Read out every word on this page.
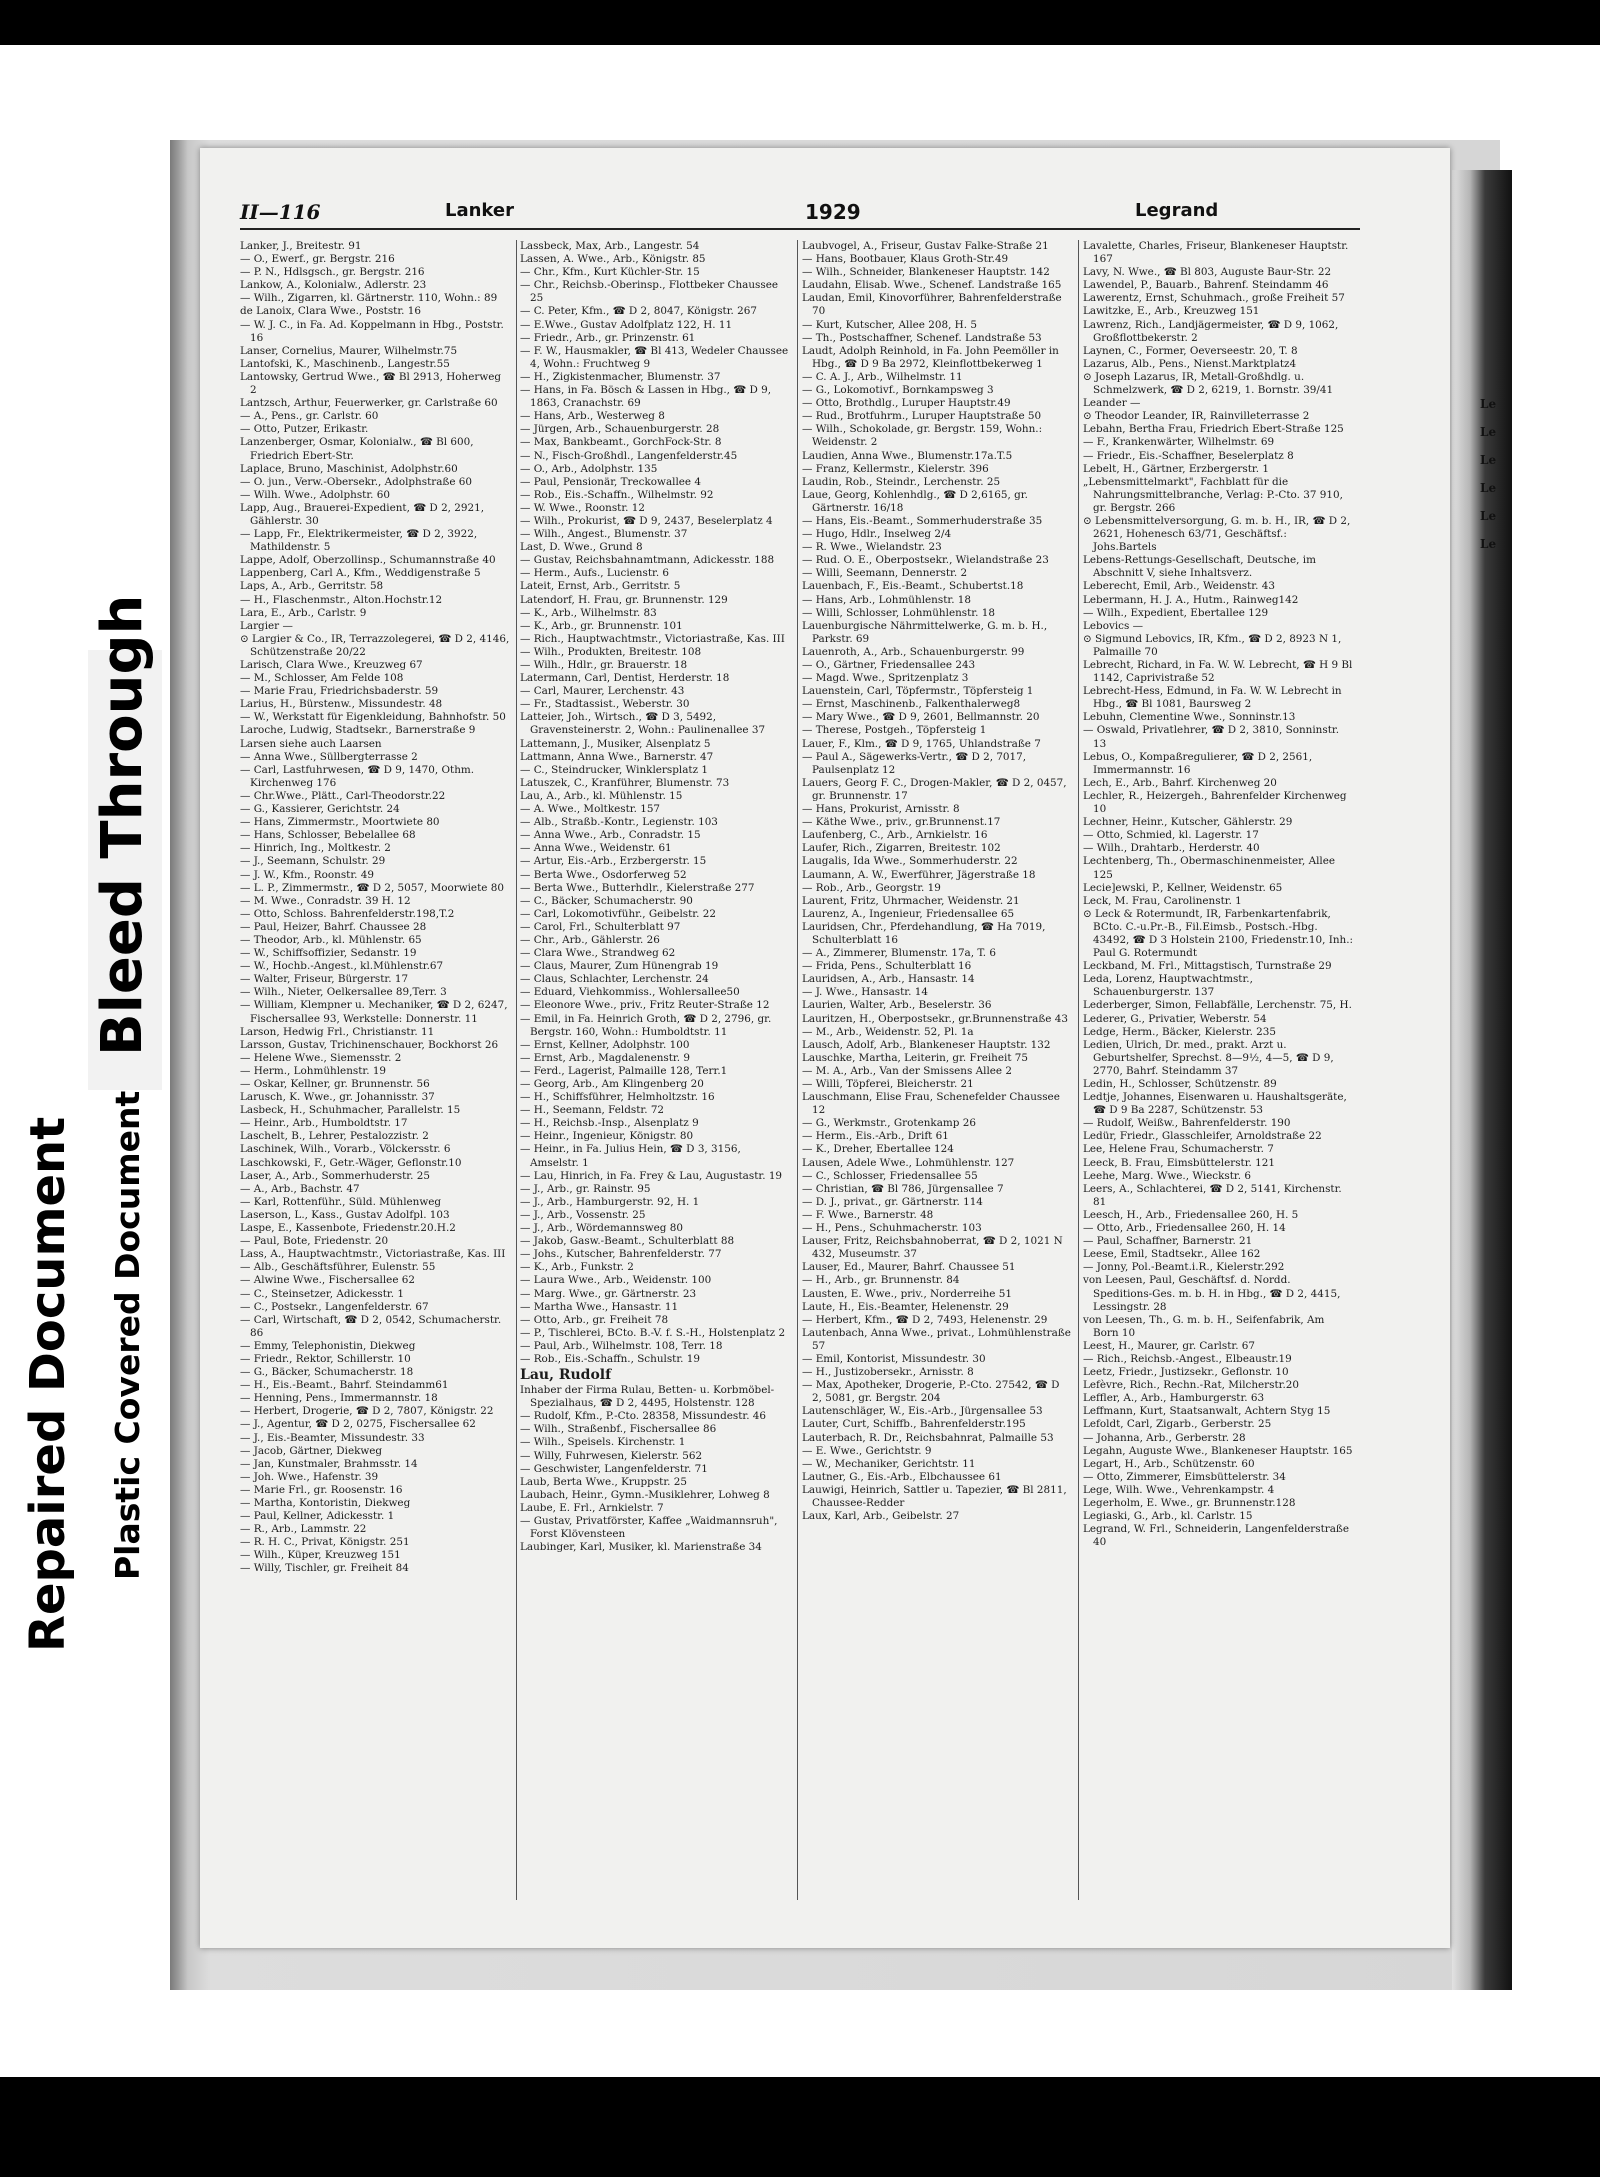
Bleed Through
Repaired Document Plastic Covered Document
Le
Le
Le
Le
Le
Le
II—116	Lanker	1929	Legrand

Lanker, J., Breitestr. 91

— O., Ewerf., gr. Bergstr. 216

— P. N., Hdlsgsch., gr. Bergstr. 216

Lankow, A., Kolonialw., Adlerstr. 23

— Wilh., Zigarren, kl. Gärtnerstr. 110, Wohn.: 89

de Lanoix, Clara Wwe., Poststr. 16

— W. J. C., in Fa. Ad. Koppelmann in Hbg., Poststr. 16

Lanser, Cornelius, Maurer, Wilhelmstr.75

Lantofski, K., Maschinenb., Langestr.55

Lantowsky, Gertrud Wwe., ☎ Bl 2913, Hoherweg 2

Lantzsch, Arthur, Feuerwerker, gr. Carlstraße 60

— A., Pens., gr. Carlstr. 60

— Otto, Putzer, Erikastr.

Lanzenberger, Osmar, Kolonialw., ☎ Bl 600, Friedrich Ebert-Str.

Laplace, Bruno, Maschinist, Adolphstr.60

— O. jun., Verw.-Obersekr., Adolphstraße 60

— Wilh. Wwe., Adolphstr. 60

Lapp, Aug., Brauerei-Expedient, ☎ D 2, 2921, Gählerstr. 30

— Lapp, Fr., Elektrikermeister, ☎ D 2, 3922, Mathildenstr. 5

Lappe, Adolf, Oberzollinsp., Schumannstraße 40

Lappenberg, Carl A., Kfm., Weddigenstraße 5

Laps, A., Arb., Gerritstr. 58

— H., Flaschenmstr., Alton.Hochstr.12

Lara, E., Arb., Carlstr. 9

Largier —

⊙ Largier & Co., IR, Terrazzolegerei, ☎ D 2, 4146, Schützenstraße 20/22

Larisch, Clara Wwe., Kreuzweg 67

— M., Schlosser, Am Felde 108

— Marie Frau, Friedrichsbaderstr. 59

Larius, H., Bürstenw., Missundestr. 48

— W., Werkstatt für Eigenkleidung, Bahnhofstr. 50

Laroche, Ludwig, Stadtsekr., Barnerstraße 9

Larsen siehe auch Laarsen

— Anna Wwe., Süllbergterrasse 2

— Carl, Lastfuhrwesen, ☎ D 9, 1470, Othm. Kirchenweg 176

— Chr.Wwe., Plätt., Carl-Theodorstr.22

— G., Kassierer, Gerichtstr. 24

— Hans, Zimmermstr., Moortwiete 80

— Hans, Schlosser, Bebelallee 68

— Hinrich, Ing., Moltkestr. 2

— J., Seemann, Schulstr. 29

— J. W., Kfm., Roonstr. 49

— L. P., Zimmermstr., ☎ D 2, 5057, Moorwiete 80

— M. Wwe., Conradstr. 39 H. 12

— Otto, Schloss. Bahrenfelderstr.198,T.2

— Paul, Heizer, Bahrf. Chaussee 28

— Theodor, Arb., kl. Mühlenstr. 65

— W., Schiffsoffizier, Sedanstr. 19

— W., Hochb.-Angest., kl.Mühlenstr.67

— Walter, Friseur, Bürgerstr. 17

— Wilh., Nieter, Oelkersallee 89,Terr. 3

— William, Klempner u. Mechaniker, ☎ D 2, 6247, Fischersallee 93, Werkstelle: Donnerstr. 11

Larson, Hedwig Frl., Christianstr. 11

Larsson, Gustav, Trichinenschauer, Bockhorst 26

— Helene Wwe., Siemensstr. 2

— Herm., Lohmühlenstr. 19

— Oskar, Kellner, gr. Brunnenstr. 56

Larusch, K. Wwe., gr. Johannisstr. 37

Lasbeck, H., Schuhmacher, Parallelstr. 15

— Heinr., Arb., Humboldtstr. 17

Laschelt, B., Lehrer, Pestalozzistr. 2

Laschinek, Wilh., Vorarb., Völckersstr. 6

Laschkowski, F., Getr.-Wäger, Geflonstr.10

Laser, A., Arb., Sommerhuderstr. 25

— A., Arb., Bachstr. 47

— Karl, Rottenführ., Süld. Mühlenweg

Laserson, L., Kass., Gustav Adolfpl. 103

Laspe, E., Kassenbote, Friedenstr.20.H.2

— Paul, Bote, Friedenstr. 20

Lass, A., Hauptwachtmstr., Victoriastraße, Kas. III

— Alb., Geschäftsführer, Eulenstr. 55

— Alwine Wwe., Fischersallee 62

— C., Steinsetzer, Adickesstr. 1

— C., Postsekr., Langenfelderstr. 67

— Carl, Wirtschaft, ☎ D 2, 0542, Schumacherstr. 86

— Emmy, Telephonistin, Diekweg

— Friedr., Rektor, Schillerstr. 10

— G., Bäcker, Schumacherstr. 18

— H., Eis.-Beamt., Bahrf. Steindamm61

— Henning, Pens., Immermannstr. 18

— Herbert, Drogerie, ☎ D 2, 7807, Königstr. 22

— J., Agentur, ☎ D 2, 0275, Fischersallee 62

— J., Eis.-Beamter, Missundestr. 33

— Jacob, Gärtner, Diekweg

— Jan, Kunstmaler, Brahmsstr. 14

— Joh. Wwe., Hafenstr. 39

— Marie Frl., gr. Roosenstr. 16

— Martha, Kontoristin, Diekweg

— Paul, Kellner, Adickesstr. 1

— R., Arb., Lammstr. 22

— R. H. C., Privat, Königstr. 251

— Wilh., Küper, Kreuzweg 151

— Willy, Tischler, gr. Freiheit 84

Lassbeck, Max, Arb., Langestr. 54

Lassen, A. Wwe., Arb., Königstr. 85

— Chr., Kfm., Kurt Küchler-Str. 15

— Chr., Reichsb.-Oberinsp., Flottbeker Chaussee 25

— C. Peter, Kfm., ☎ D 2, 8047, Königstr. 267

— E.Wwe., Gustav Adolfplatz 122, H. 11

— Friedr., Arb., gr. Prinzenstr. 61

— F. W., Hausmakler, ☎ Bl 413, Wedeler Chaussee 4, Wohn.: Fruchtweg 9

— H., Zigkistenmacher, Blumenstr. 37

— Hans, in Fa. Bösch & Lassen in Hbg., ☎ D 9, 1863, Cranachstr. 69

— Hans, Arb., Westerweg 8

— Jürgen, Arb., Schauenburgerstr. 28

— Max, Bankbeamt., GorchFock-Str. 8

— N., Fisch-Großhdl., Langenfelderstr.45

— O., Arb., Adolphstr. 135

— Paul, Pensionär, Treckowallee 4

— Rob., Eis.-Schaffn., Wilhelmstr. 92

— W. Wwe., Roonstr. 12

— Wilh., Prokurist, ☎ D 9, 2437, Beselerplatz 4

— Wilh., Angest., Blumenstr. 37

Last, D. Wwe., Grund 8

— Gustav, Reichsbahnamtmann, Adickesstr. 188

— Herm., Aufs., Lucienstr. 6

Lateit, Ernst, Arb., Gerritstr. 5

Latendorf, H. Frau, gr. Brunnenstr. 129

— K., Arb., Wilhelmstr. 83

— K., Arb., gr. Brunnenstr. 101

— Rich., Hauptwachtmstr., Victoriastraße, Kas. III

— Wilh., Produkten, Breitestr. 108

— Wilh., Hdlr., gr. Brauerstr. 18

Latermann, Carl, Dentist, Herderstr. 18

— Carl, Maurer, Lerchenstr. 43

— Fr., Stadtassist., Weberstr. 30

Latteier, Joh., Wirtsch., ☎ D 3, 5492, Gravensteinerstr. 2, Wohn.: Paulinenallee 37

Lattemann, J., Musiker, Alsenplatz 5

Lattmann, Anna Wwe., Barnerstr. 47

— C., Steindrucker, Winklersplatz 1

Latuszek, C., Kranführer, Blumenstr. 73

Lau, A., Arb., kl. Mühlenstr. 15

— A. Wwe., Moltkestr. 157

— Alb., Straßb.-Kontr., Legienstr. 103

— Anna Wwe., Arb., Conradstr. 15

— Anna Wwe., Weidenstr. 61

— Artur, Eis.-Arb., Erzbergerstr. 15

— Berta Wwe., Osdorferweg 52

— Berta Wwe., Butterhdlr., Kielerstraße 277

— C., Bäcker, Schumacherstr. 90

— Carl, Lokomotivführ., Geibelstr. 22

— Carol, Frl., Schulterblatt 97

— Chr., Arb., Gählerstr. 26

— Clara Wwe., Strandweg 62

— Claus, Maurer, Zum Hünengrab 19

— Claus, Schlachter, Lerchenstr. 24

— Eduard, Viehkommiss., Wohlersallee50

— Eleonore Wwe., priv., Fritz Reuter-Straße 12

— Emil, in Fa. Heinrich Groth, ☎ D 2, 2796, gr. Bergstr. 160, Wohn.: Humboldtstr. 11

— Ernst, Kellner, Adolphstr. 100

— Ernst, Arb., Magdalenenstr. 9

— Ferd., Lagerist, Palmaille 128, Terr.1

— Georg, Arb., Am Klingenberg 20

— H., Schiffsführer, Helmholtzstr. 16

— H., Seemann, Feldstr. 72

— H., Reichsb.-Insp., Alsenplatz 9

— Heinr., Ingenieur, Königstr. 80

— Heinr., in Fa. Julius Hein, ☎ D 3, 3156, Amselstr. 1

— Lau, Hinrich, in Fa. Frey & Lau, Augustastr. 19

— J., Arb., gr. Rainstr. 95

— J., Arb., Hamburgerstr. 92, H. 1

— J., Arb., Vossenstr. 25

— J., Arb., Wördemannsweg 80

— Jakob, Gasw.-Beamt., Schulterblatt 88

— Johs., Kutscher, Bahrenfelderstr. 77

— K., Arb., Funkstr. 2

— Laura Wwe., Arb., Weidenstr. 100

— Marg. Wwe., gr. Gärtnerstr. 23

— Martha Wwe., Hansastr. 11

— Otto, Arb., gr. Freiheit 78

— P., Tischlerei, BCto. B.-V. f. S.-H., Holstenplatz 2

— Paul, Arb., Wilhelmstr. 108, Terr. 18

— Rob., Eis.-Schaffn., Schulstr. 19

Lau, Rudolf

Inhaber der Firma Rulau, Betten- u. Korbmöbel-Spezialhaus, ☎ D 2, 4495, Holstenstr. 128

— Rudolf, Kfm., P.-Cto. 28358, Missundestr. 46

— Wilh., Straßenbf., Fischersallee 86

— Wilh., Speisels. Kirchenstr. 1

— Willy, Fuhrwesen, Kielerstr. 562

— Geschwister, Langenfelderstr. 71

Laub, Berta Wwe., Kruppstr. 25

Laubach, Heinr., Gymn.-Musiklehrer, Lohweg 8

Laube, E. Frl., Arnkielstr. 7

— Gustav, Privatförster, Kaffee „Waidmannsruh", Forst Klövensteen

Laubinger, Karl, Musiker, kl. Marienstraße 34

Laubvogel, A., Friseur, Gustav Falke-Straße 21

— Hans, Bootbauer, Klaus Groth-Str.49

— Wilh., Schneider, Blankeneser Hauptstr. 142

Laudahn, Elisab. Wwe., Schenef. Landstraße 165

Laudan, Emil, Kinovorführer, Bahrenfelderstraße 70

— Kurt, Kutscher, Allee 208, H. 5

— Th., Postschaffner, Schenef. Landstraße 53

Laudt, Adolph Reinhold, in Fa. John Peemöller in Hbg., ☎ D 9 Ba 2972, Kleinflottbekerweg 1

— C. A. J., Arb., Wilhelmstr. 11

— G., Lokomotivf., Bornkampsweg 3

— Otto, Brothdlg., Luruper Hauptstr.49

— Rud., Brotfuhrm., Luruper Hauptstraße 50

— Wilh., Schokolade, gr. Bergstr. 159, Wohn.: Weidenstr. 2

Laudien, Anna Wwe., Blumenstr.17a.T.5

— Franz, Kellermstr., Kielerstr. 396

Laudin, Rob., Steindr., Lerchenstr. 25

Laue, Georg, Kohlenhdlg., ☎ D 2,6165, gr. Gärtnerstr. 16/18

— Hans, Eis.-Beamt., Sommerhuderstraße 35

— Hugo, Hdlr., Inselweg 2/4

— R. Wwe., Wielandstr. 23

— Rud. O. E., Oberpostsekr., Wielandstraße 23

— Willi, Seemann, Dennerstr. 2

Lauenbach, F., Eis.-Beamt., Schubertst.18

— Hans, Arb., Lohmühlenstr. 18

— Willi, Schlosser, Lohmühlenstr. 18

Lauenburgische Nährmittelwerke, G. m. b. H., Parkstr. 69

Lauenroth, A., Arb., Schauenburgerstr. 99

— O., Gärtner, Friedensallee 243

— Magd. Wwe., Spritzenplatz 3

Lauenstein, Carl, Töpfermstr., Töpfersteig 1

— Ernst, Maschinenb., Falkenthalerweg8

— Mary Wwe., ☎ D 9, 2601, Bellmannstr. 20

— Therese, Postgeh., Töpfersteig 1

Lauer, F., Klm., ☎ D 9, 1765, Uhlandstraße 7

— Paul A., Sägewerks-Vertr., ☎ D 2, 7017, Paulsenplatz 12

Lauers, Georg F. C., Drogen-Makler, ☎ D 2, 0457, gr. Brunnenstr. 17

— Hans, Prokurist, Arnisstr. 8

— Käthe Wwe., priv., gr.Brunnenst.17

Laufenberg, C., Arb., Arnkielstr. 16

Laufer, Rich., Zigarren, Breitestr. 102

Laugalis, Ida Wwe., Sommerhuderstr. 22

Laumann, A. W., Ewerführer, Jägerstraße 18

— Rob., Arb., Georgstr. 19

Laurent, Fritz, Uhrmacher, Weidenstr. 21

Laurenz, A., Ingenieur, Friedensallee 65

Lauridsen, Chr., Pferdehandlung, ☎ Ha 7019, Schulterblatt 16

— A., Zimmerer, Blumenstr. 17a, T. 6

— Frida, Pens., Schulterblatt 16

Lauridsen, A., Arb., Hansastr. 14

— J. Wwe., Hansastr. 14

Laurien, Walter, Arb., Beselerstr. 36

Lauritzen, H., Oberpostsekr., gr.Brunnenstraße 43

— M., Arb., Weidenstr. 52, Pl. 1a

Lausch, Adolf, Arb., Blankeneser Hauptstr. 132

Lauschke, Martha, Leiterin, gr. Freiheit 75

— M. A., Arb., Van der Smissens Allee 2

— Willi, Töpferei, Bleicherstr. 21

Lauschmann, Elise Frau, Schenefelder Chaussee 12

— G., Werkmstr., Grotenkamp 26

— Herm., Eis.-Arb., Drift 61

— K., Dreher, Ebertallee 124

Lausen, Adele Wwe., Lohmühlenstr. 127

— C., Schlosser, Friedensallee 55

— Christian, ☎ Bl 786, Jürgensallee 7

— D. J., privat., gr. Gärtnerstr. 114

— F. Wwe., Barnerstr. 48

— H., Pens., Schuhmacherstr. 103

Lauser, Fritz, Reichsbahnoberrat, ☎ D 2, 1021 N 432, Museumstr. 37

Lauser, Ed., Maurer, Bahrf. Chaussee 51

— H., Arb., gr. Brunnenstr. 84

Lausten, E. Wwe., priv., Norderreihe 51

Laute, H., Eis.-Beamter, Helenenstr. 29

— Herbert, Kfm., ☎ D 2, 7493, Helenenstr. 29

Lautenbach, Anna Wwe., privat., Lohmühlenstraße 57

— Emil, Kontorist, Missundestr. 30

— H., Justizobersekr., Arnisstr. 8

— Max, Apotheker, Drogerie, P.-Cto. 27542, ☎ D 2, 5081, gr. Bergstr. 204

Lautenschläger, W., Eis.-Arb., Jürgensallee 53

Lauter, Curt, Schiffb., Bahrenfelderstr.195

Lauterbach, R. Dr., Reichsbahnrat, Palmaille 53

— E. Wwe., Gerichtstr. 9

— W., Mechaniker, Gerichtstr. 11

Lautner, G., Eis.-Arb., Elbchaussee 61

Lauwigi, Heinrich, Sattler u. Tapezier, ☎ Bl 2811, Chaussee-Redder

Laux, Karl, Arb., Geibelstr. 27

Lavalette, Charles, Friseur, Blankeneser Hauptstr. 167

Lavy, N. Wwe., ☎ Bl 803, Auguste Baur-Str. 22

Lawendel, P., Bauarb., Bahrenf. Steindamm 46

Lawerentz, Ernst, Schuhmach., große Freiheit 57

Lawitzke, E., Arb., Kreuzweg 151

Lawrenz, Rich., Landjägermeister, ☎ D 9, 1062, Großflottbekerstr. 2

Laynen, C., Former, Oeverseestr. 20, T. 8

Lazarus, Alb., Pens., Nienst.Marktplatz4

⊙ Joseph Lazarus, IR, Metall-Großhdlg. u. Schmelzwerk, ☎ D 2, 6219, 1. Bornstr. 39/41

Leander —

⊙ Theodor Leander, IR, Rainvilleterrasse 2

Lebahn, Bertha Frau, Friedrich Ebert-Straße 125

— F., Krankenwärter, Wilhelmstr. 69

— Friedr., Eis.-Schaffner, Beselerplatz 8

Lebelt, H., Gärtner, Erzbergerstr. 1

„Lebensmittelmarkt", Fachblatt für die Nahrungsmittelbranche, Verlag: P.-Cto. 37 910, gr. Bergstr. 266

⊙ Lebensmittelversorgung, G. m. b. H., IR, ☎ D 2, 2621, Hohenesch 63/71, Geschäftsf.: Johs.Bartels

Lebens-Rettungs-Gesellschaft, Deutsche, im Abschnitt V, siehe Inhaltsverz.

Leberecht, Emil, Arb., Weidenstr. 43

Lebermann, H. J. A., Hutm., Rainweg142

— Wilh., Expedient, Ebertallee 129

Lebovics —

⊙ Sigmund Lebovics, IR, Kfm., ☎ D 2, 8923 N 1, Palmaille 70

Lebrecht, Richard, in Fa. W. W. Lebrecht, ☎ H 9 Bl 1142, Caprivistraße 52

Lebrecht-Hess, Edmund, in Fa. W. W. Lebrecht in Hbg., ☎ Bl 1081, Baursweg 2

Lebuhn, Clementine Wwe., Sonninstr.13

— Oswald, Privatlehrer, ☎ D 2, 3810, Sonninstr. 13

Lebus, O., Kompaßregulierer, ☎ D 2, 2561, Immermannstr. 16

Lech, E., Arb., Bahrf. Kirchenweg 20

Lechler, R., Heizergeh., Bahrenfelder Kirchenweg 10

Lechner, Heinr., Kutscher, Gählerstr. 29

— Otto, Schmied, kl. Lagerstr. 17

— Wilh., Drahtarb., Herderstr. 40

Lechtenberg, Th., Obermaschinenmeister, Allee 125

Lecie]ewski, P., Kellner, Weidenstr. 65

Leck, M. Frau, Carolinenstr. 1

⊙ Leck & Rotermundt, IR, Farbenkartenfabrik, BCto. C.-u.Pr.-B., Fil.Eimsb., Postsch.-Hbg. 43492, ☎ D 3 Holstein 2100, Friedenstr.10, Inh.: Paul G. Rotermundt

Leckband, M. Frl., Mittagstisch, Turnstraße 29

Leda, Lorenz, Hauptwachtmstr., Schauenburgerstr. 137

Lederberger, Simon, Fellabfälle, Lerchenstr. 75, H.

Lederer, G., Privatier, Weberstr. 54

Ledge, Herm., Bäcker, Kielerstr. 235

Ledien, Ulrich, Dr. med., prakt. Arzt u. Geburtshelfer, Sprechst. 8—9½, 4—5, ☎ D 9, 2770, Bahrf. Steindamm 37

Ledin, H., Schlosser, Schützenstr. 89

Ledtje, Johannes, Eisenwaren u. Haushaltsgeräte, ☎ D 9 Ba 2287, Schützenstr. 53

— Rudolf, Weißw., Bahrenfelderstr. 190

Ledür, Friedr., Glasschleifer, Arnoldstraße 22

Lee, Helene Frau, Schumacherstr. 7

Leeck, B. Frau, Eimsbüttelerstr. 121

Leehe, Marg. Wwe., Wieckstr. 6

Leers, A., Schlachterei, ☎ D 2, 5141, Kirchenstr. 81

Leesch, H., Arb., Friedensallee 260, H. 5

— Otto, Arb., Friedensallee 260, H. 14

— Paul, Schaffner, Barnerstr. 21

Leese, Emil, Stadtsekr., Allee 162

— Jonny, Pol.-Beamt.i.R., Kielerstr.292

von Leesen, Paul, Geschäftsf. d. Nordd. Speditions-Ges. m. b. H. in Hbg., ☎ D 2, 4415, Lessingstr. 28

von Leesen, Th., G. m. b. H., Seifenfabrik, Am Born 10

Leest, H., Maurer, gr. Carlstr. 67

— Rich., Reichsb.-Angest., Elbeaustr.19

Leetz, Friedr., Justizsekr., Geflonstr. 10

Lefèvre, Rich., Rechn.-Rat, Milcherstr.20

Leffler, A., Arb., Hamburgerstr. 63

Leffmann, Kurt, Staatsanwalt, Achtern Styg 15

Lefoldt, Carl, Zigarb., Gerberstr. 25

— Johanna, Arb., Gerberstr. 28

Legahn, Auguste Wwe., Blankeneser Hauptstr. 165

Legart, H., Arb., Schützenstr. 60

— Otto, Zimmerer, Eimsbüttelerstr. 34

Lege, Wilh. Wwe., Vehrenkampstr. 4

Legerholm, E. Wwe., gr. Brunnenstr.128

Legiaski, G., Arb., kl. Carlstr. 15

Legrand, W. Frl., Schneiderin, Langenfelderstraße 40
